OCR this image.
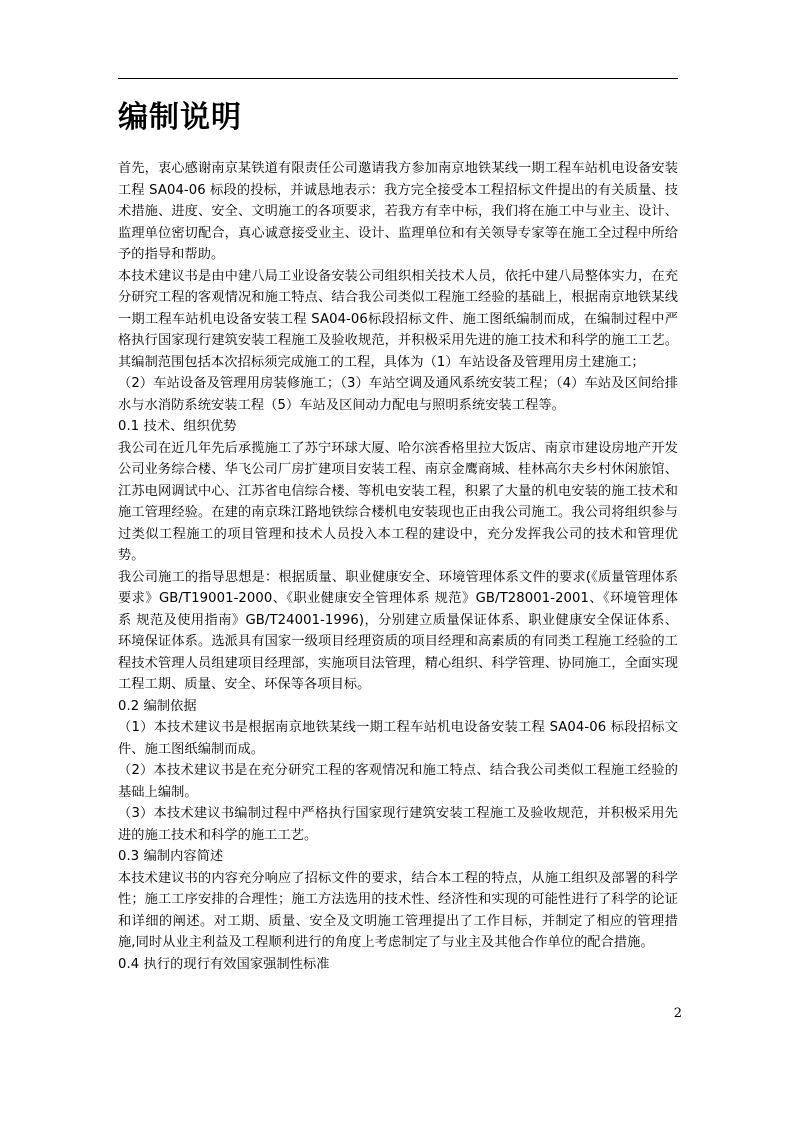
编制说明

首先，衷心感谢南京某铁道有限责任公司邀请我方参加南京地铁某线一期工程车站机电设备安装工程 SA04-06 标段的投标，并诚恳地表示：我方完全接受本工程招标文件提出的有关质量、技术措施、进度、安全、文明施工的各项要求，若我方有幸中标，我们将在施工中与业主、设计、监理单位密切配合，真心诚意接受业主、设计、监理单位和有关领导专家等在施工全过程中所给予的指导和帮助。

本技术建议书是由中建八局工业设备安装公司组织相关技术人员，依托中建八局整体实力，在充分研究工程的客观情况和施工特点、结合我公司类似工程施工经验的基础上，根据南京地铁某线一期工程车站机电设备安装工程 SA04-06标段招标文件、施工图纸编制而成，在编制过程中严格执行国家现行建筑安装工程施工及验收规范，并积极采用先进的施工技术和科学的施工工艺。其编制范围包括本次招标须完成施工的工程，具体为（1）车站设备及管理用房土建施工；

（2）车站设备及管理用房装修施工；（3）车站空调及通风系统安装工程；（4）车站及区间给排水与水消防系统安装工程（5）车站及区间动力配电与照明系统安装工程等。

0.1 技术、组织优势

我公司在近几年先后承揽施工了苏宁环球大厦、哈尔滨香格里拉大饭店、南京市建设房地产开发公司业务综合楼、华飞公司厂房扩建项目安装工程、南京金鹰商城、桂林高尔夫乡村休闲旅馆、江苏电网调试中心、江苏省电信综合楼、等机电安装工程，积累了大量的机电安装的施工技术和施工管理经验。在建的南京珠江路地铁综合楼机电安装现也正由我公司施工。我公司将组织参与过类似工程施工的项目管理和技术人员投入本工程的建设中，充分发挥我公司的技术和管理优势。

我公司施工的指导思想是：根据质量、职业健康安全、环境管理体系文件的要求(《质量管理体系 要求》GB/T19001-2000、《职业健康安全管理体系 规范》GB/T28001-2001、《环境管理体系 规范及使用指南》GB/T24001-1996)，分别建立质量保证体系、职业健康安全保证体系、环境保证体系。选派具有国家一级项目经理资质的项目经理和高素质的有同类工程施工经验的工程技术管理人员组建项目经理部，实施项目法管理，精心组织、科学管理、协同施工，全面实现工程工期、质量、安全、环保等各项目标。

0.2 编制依据

（1）本技术建议书是根据南京地铁某线一期工程车站机电设备安装工程 SA04-06 标段招标文件、施工图纸编制而成。

（2）本技术建议书是在充分研究工程的客观情况和施工特点、结合我公司类似工程施工经验的基础上编制。

（3）本技术建议书编制过程中严格执行国家现行建筑安装工程施工及验收规范，并积极采用先进的施工技术和科学的施工工艺。

0.3 编制内容简述

本技术建议书的内容充分响应了招标文件的要求，结合本工程的特点，从施工组织及部署的科学性；施工工序安排的合理性；施工方法选用的技术性、经济性和实现的可能性进行了科学的论证和详细的阐述。对工期、质量、安全及文明施工管理提出了工作目标，并制定了相应的管理措施,同时从业主利益及工程顺利进行的角度上考虑制定了与业主及其他合作单位的配合措施。

0.4 执行的现行有效国家强制性标准

2
